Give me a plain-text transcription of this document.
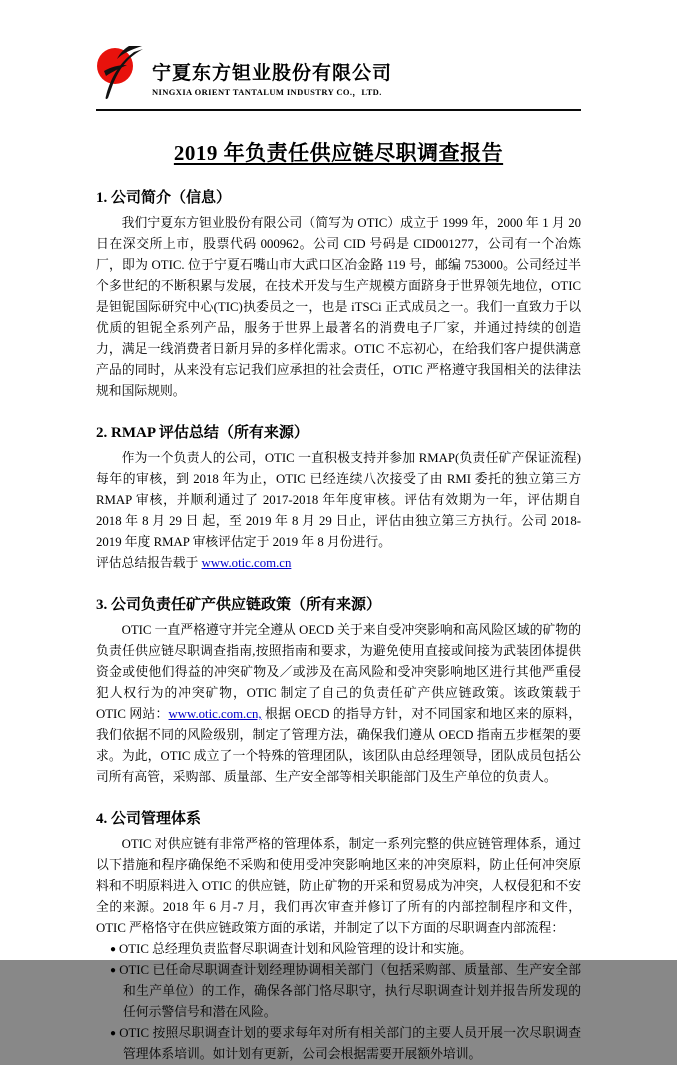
宁夏东方钽业股份有限公司
NINGXIA ORIENT TANTALUM INDUSTRY CO.，LTD.
2019 年负责任供应链尽职调查报告
1. 公司简介（信息）

我们宁夏东方钽业股份有限公司（简写为 OTIC）成立于 1999 年，2000 年 1 月 20 日在深交所上市，股票代码 000962。公司 CID 号码是 CID001277，公司有一个冶炼厂，即为 OTIC. 位于宁夏石嘴山市大武口区冶金路 119 号，邮编 753000。公司经过半个多世纪的不断积累与发展，在技术开发与生产规模方面跻身于世界领先地位，OTIC 是钽铌国际研究中心(TIC)执委员之一，也是 iTSCi 正式成员之一。我们一直致力于以优质的钽铌全系列产品，服务于世界上最著名的消费电子厂家，并通过持续的创造力，满足一线消费者日新月异的多样化需求。OTIC 不忘初心，在给我们客户提供满意产品的同时，从来没有忘记我们应承担的社会责任，OTIC 严格遵守我国相关的法律法规和国际规则。

2. RMAP 评估总结（所有来源）

作为一个负责人的公司，OTIC 一直积极支持并参加 RMAP(负责任矿产保证流程)每年的审核，到 2018 年为止，OTIC 已经连续八次接受了由 RMI 委托的独立第三方 RMAP 审核，并顺利通过了 2017-2018 年年度审核。评估有效期为一年，评估期自 2018 年 8 月 29 日 起，至 2019 年 8 月 29 日止，评估由独立第三方执行。公司 2018-2019 年度 RMAP 审核评估定于 2019 年 8 月份进行。

评估总结报告载于 www.otic.com.cn

3. 公司负责任矿产供应链政策（所有来源）

OTIC 一直严格遵守并完全遵从 OECD 关于来自受冲突影响和高风险区域的矿物的负责任供应链尽职调查指南,按照指南和要求，为避免使用直接或间接为武装团体提供资金或使他们得益的冲突矿物及／或涉及在高风险和受冲突影响地区进行其他严重侵犯人权行为的冲突矿物，OTIC 制定了自己的负责任矿产供应链政策。该政策载于 OTIC 网站：www.otic.com.cn, 根据 OECD 的指导方针，对不同国家和地区来的原料，我们依据不同的风险级别，制定了管理方法，确保我们遵从 OECD 指南五步框架的要求。为此，OTIC 成立了一个特殊的管理团队，该团队由总经理领导，团队成员包括公司所有高管，采购部、质量部、生产安全部等相关职能部门及生产单位的负责人。

4. 公司管理体系

OTIC 对供应链有非常严格的管理体系，制定一系列完整的供应链管理体系，通过以下措施和程序确保绝不采购和使用受冲突影响地区来的冲突原料，防止任何冲突原料和不明原料进入 OTIC 的供应链，防止矿物的开采和贸易成为冲突，人权侵犯和不安全的来源。2018 年 6 月-7 月，我们再次审查并修订了所有的内部控制程序和文件， OTIC 严格恪守在供应链政策方面的承诺，并制定了以下方面的尽职调查内部流程：

● OTIC 总经理负责监督尽职调查计划和风险管理的设计和实施。
● OTIC 已任命尽职调查计划经理协调相关部门（包括采购部、质量部、生产安全部和生产单位）的工作，确保各部门恪尽职守，执行尽职调查计划并报告所发现的任何示警信号和潜在风险。
● OTIC 按照尽职调查计划的要求每年对所有相关部门的主要人员开展一次尽职调查管理体系培训。如计划有更新，公司会根据需要开展额外培训。
